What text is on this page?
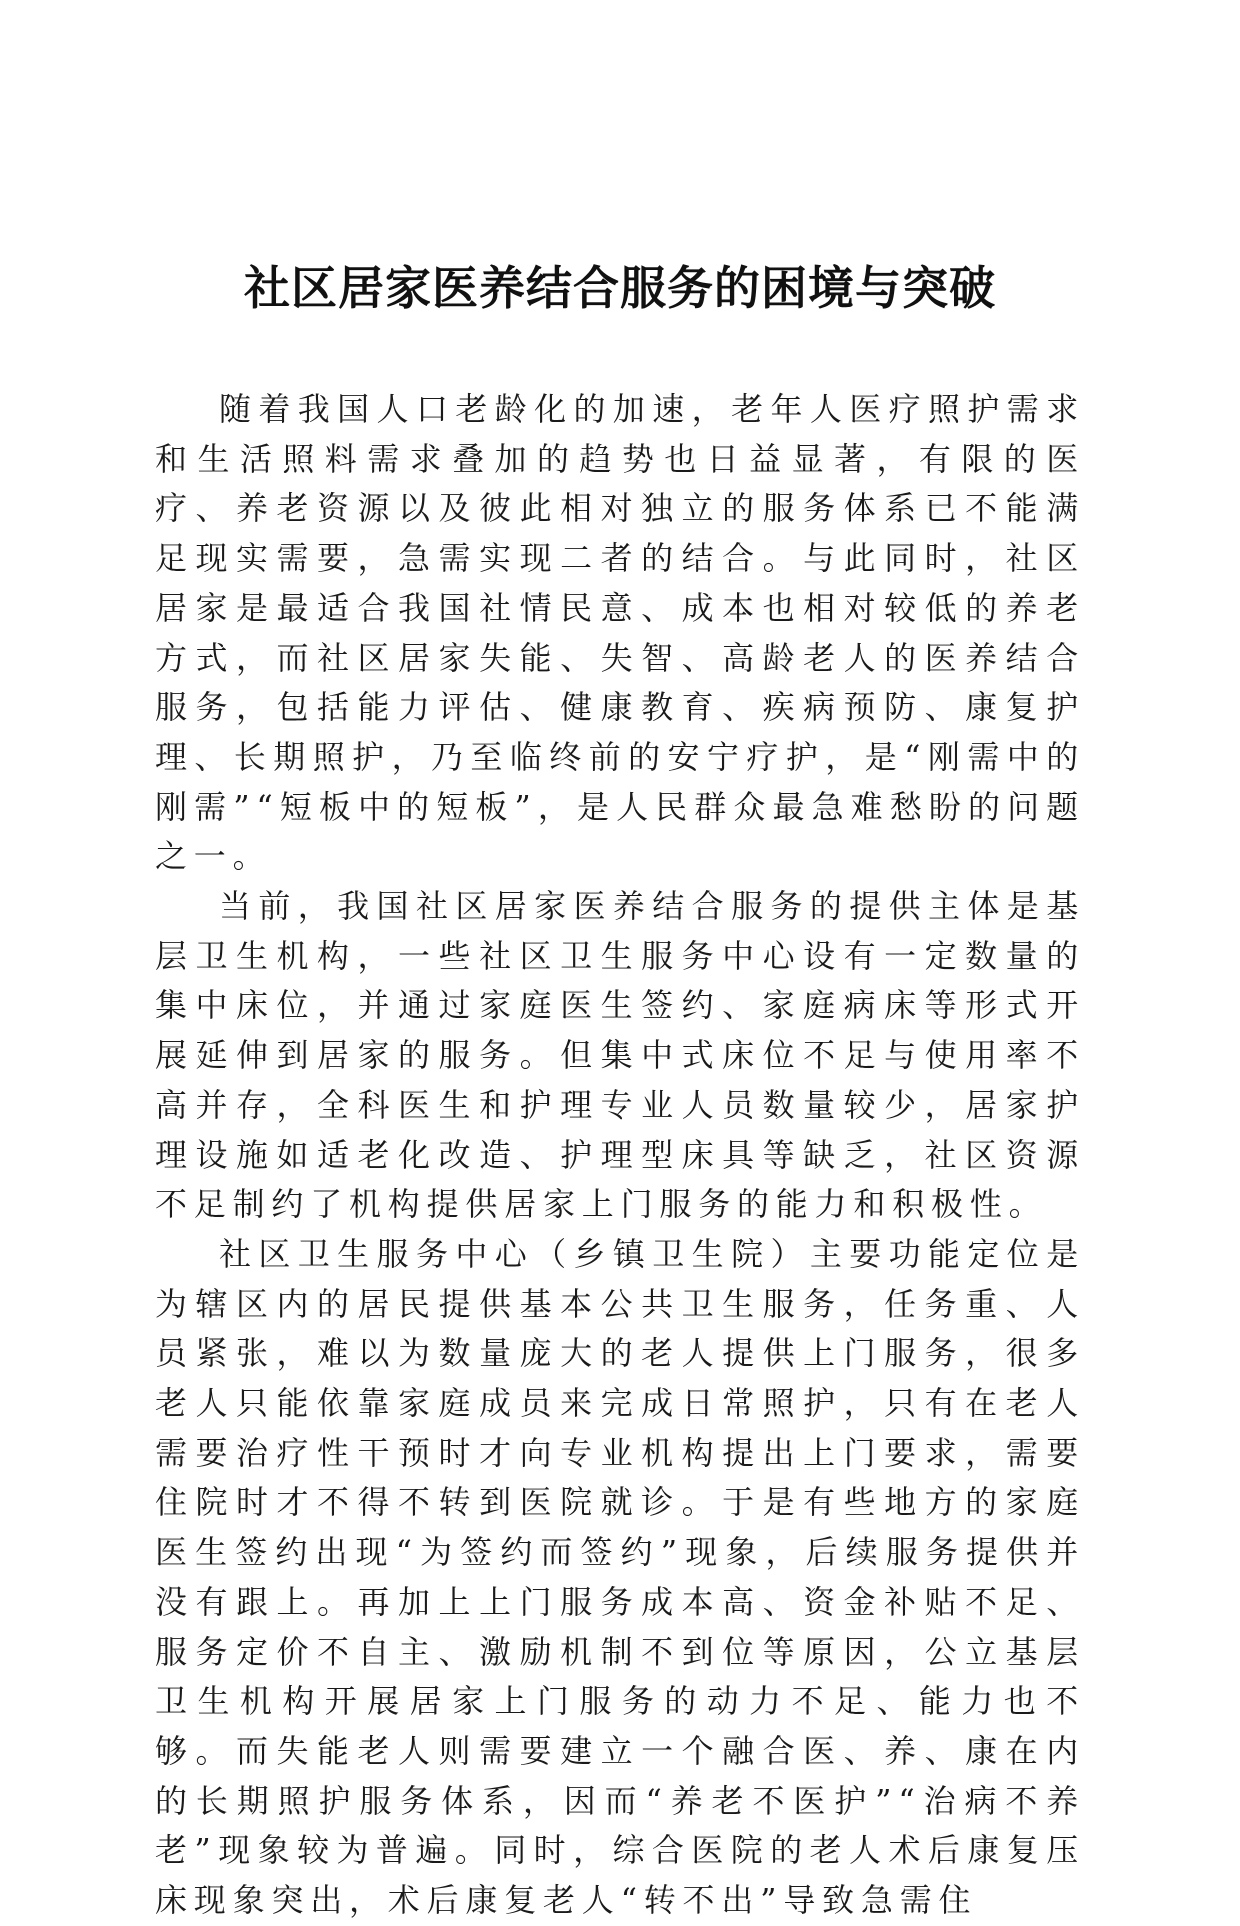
社区居家医养结合服务的困境与突破

随着我国人口老龄化的加速，老年人医疗照护需求和生活照料需求叠加的趋势也日益显著，有限的医疗、养老资源以及彼此相对独立的服务体系已不能满足现实需要，急需实现二者的结合。与此同时，社区居家是最适合我国社情民意、成本也相对较低的养老方式，而社区居家失能、失智、高龄老人的医养结合服务，包括能力评估、健康教育、疾病预防、康复护理、长期照护，乃至临终前的安宁疗护，是“刚需中的刚需”“短板中的短板”，是人民群众最急难愁盼的问题之一。

当前，我国社区居家医养结合服务的提供主体是基层卫生机构，一些社区卫生服务中心设有一定数量的集中床位，并通过家庭医生签约、家庭病床等形式开展延伸到居家的服务。但集中式床位不足与使用率不高并存，全科医生和护理专业人员数量较少，居家护理设施如适老化改造、护理型床具等缺乏，社区资源不足制约了机构提供居家上门服务的能力和积极性。

社区卫生服务中心（乡镇卫生院）主要功能定位是为辖区内的居民提供基本公共卫生服务，任务重、人员紧张，难以为数量庞大的老人提供上门服务，很多老人只能依靠家庭成员来完成日常照护，只有在老人需要治疗性干预时才向专业机构提出上门要求，需要住院时才不得不转到医院就诊。于是有些地方的家庭医生签约出现“为签约而签约”现象，后续服务提供并没有跟上。再加上上门服务成本高、资金补贴不足、服务定价不自主、激励机制不到位等原因，公立基层卫生机构开展居家上门服务的动力不足、能力也不够。而失能老人则需要建立一个融合医、养、康在内的长期照护服务体系，因而“养老不医护”“治病不养老”现象较为普遍。同时，综合医院的老人术后康复压床现象突出，术后康复老人“转不出”导致急需住
